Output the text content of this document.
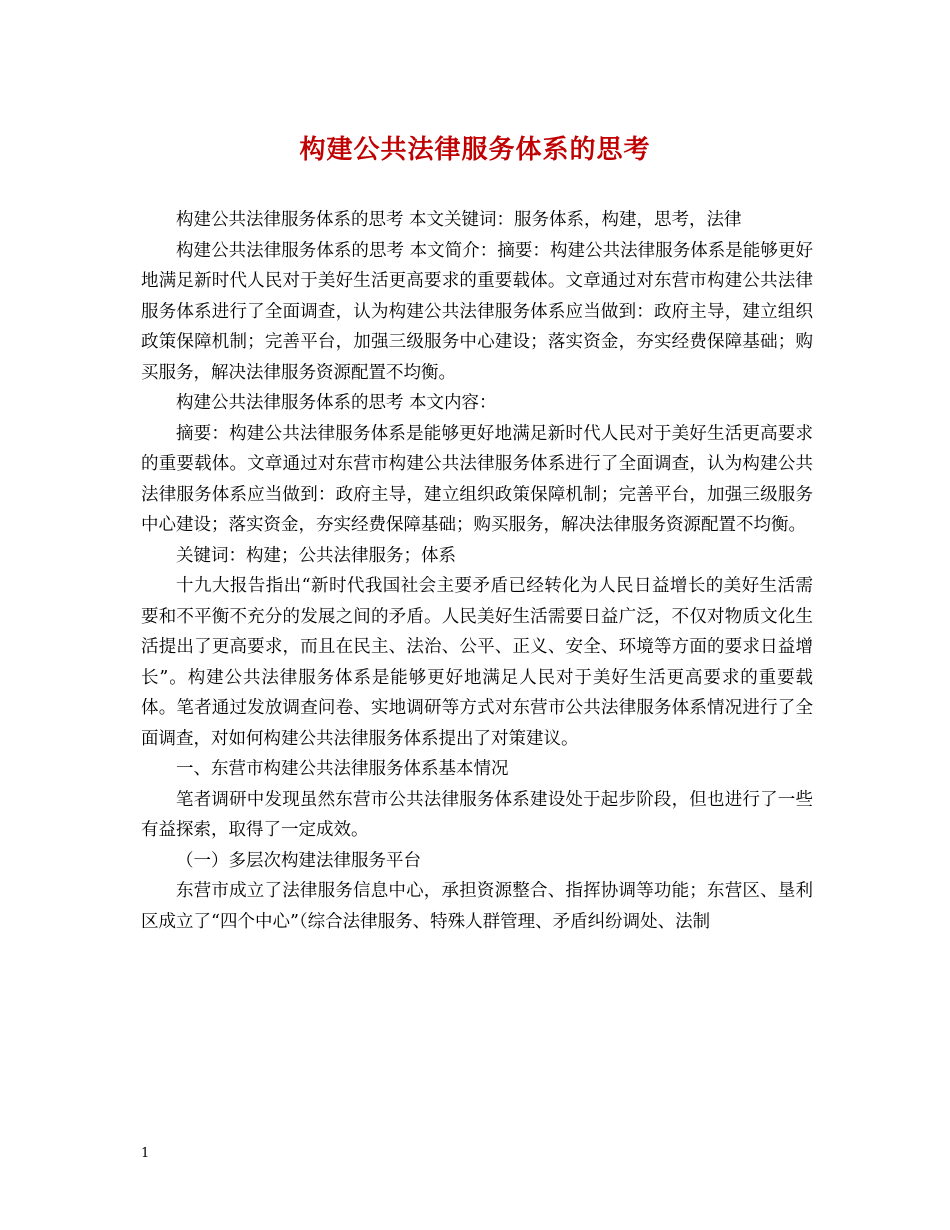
构建公共法律服务体系的思考

构建公共法律服务体系的思考 本文关键词：服务体系，构建，思考，法律

构建公共法律服务体系的思考 本文简介：摘要：构建公共法律服务体系是能够更好地满足新时代人民对于美好生活更高要求的重要载体。文章通过对东营市构建公共法律服务体系进行了全面调查，认为构建公共法律服务体系应当做到：政府主导，建立组织政策保障机制；完善平台，加强三级服务中心建设；落实资金，夯实经费保障基础；购买服务，解决法律服务资源配置不均衡。

构建公共法律服务体系的思考 本文内容：

摘要：构建公共法律服务体系是能够更好地满足新时代人民对于美好生活更高要求的重要载体。文章通过对东营市构建公共法律服务体系进行了全面调查，认为构建公共法律服务体系应当做到：政府主导，建立组织政策保障机制；完善平台，加强三级服务中心建设；落实资金，夯实经费保障基础；购买服务，解决法律服务资源配置不均衡。

关键词：构建；公共法律服务；体系

十九大报告指出“新时代我国社会主要矛盾已经转化为人民日益增长的美好生活需要和不平衡不充分的发展之间的矛盾。人民美好生活需要日益广泛，不仅对物质文化生活提出了更高要求，而且在民主、法治、公平、正义、安全、环境等方面的要求日益增长”。构建公共法律服务体系是能够更好地满足人民对于美好生活更高要求的重要载体。笔者通过发放调查问卷、实地调研等方式对东营市公共法律服务体系情况进行了全面调查，对如何构建公共法律服务体系提出了对策建议。

一、东营市构建公共法律服务体系基本情况

笔者调研中发现虽然东营市公共法律服务体系建设处于起步阶段，但也进行了一些有益探索，取得了一定成效。

（一）多层次构建法律服务平台

东营市成立了法律服务信息中心，承担资源整合、指挥协调等功能；东营区、垦利区成立了“四个中心”（综合法律服务、特殊人群管理、矛盾纠纷调处、法制

1
